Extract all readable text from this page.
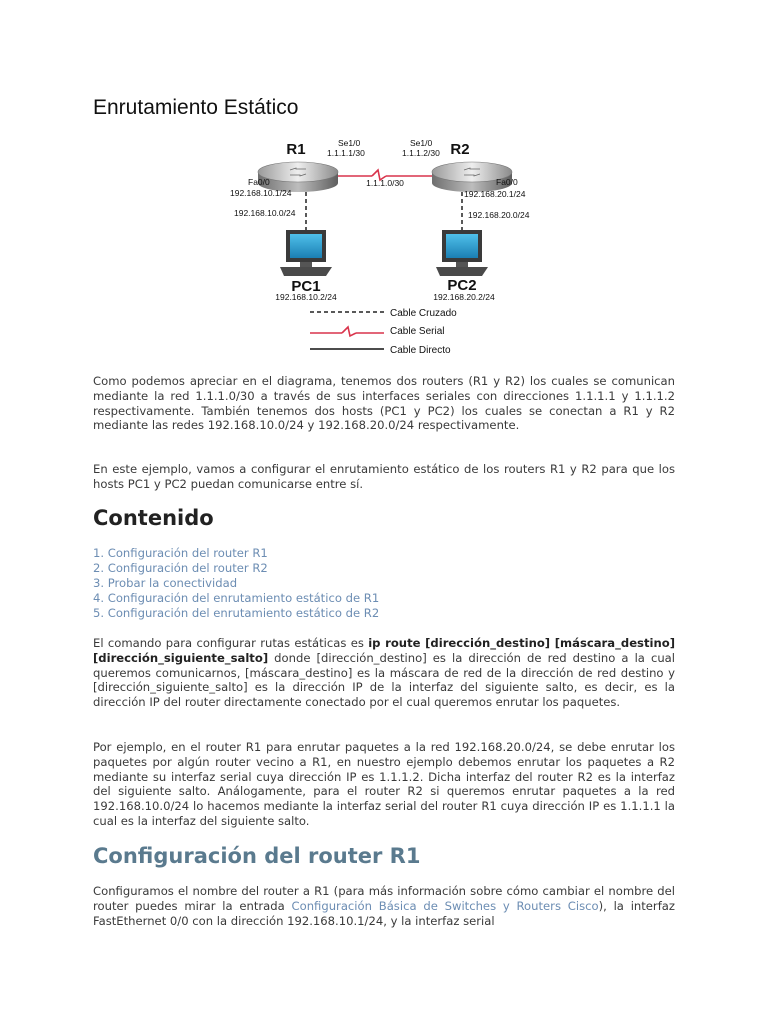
Enrutamiento Estático
R1	R2
Se1/0
1.1.1.1/30
Se1/0
1.1.1.2/30
1.1.1.0/30
Fa0/0
192.168.10.1/24
192.168.10.0/24
Fa0/0
192.168.20.1/24
192.168.20.0/24
PC1
192.168.10.2/24
PC2
192.168.20.2/24
Cable Cruzado
Cable Serial
Cable Directo

Como podemos apreciar en el diagrama, tenemos dos routers (R1 y R2) los cuales se comunican mediante la red 1.1.1.0/30 a través de sus interfaces seriales con direcciones 1.1.1.1 y 1.1.1.2 respectivamente. También tenemos dos hosts (PC1 y PC2) los cuales se conectan a R1 y R2 mediante las redes 192.168.10.0/24 y 192.168.20.0/24 respectivamente.

En este ejemplo, vamos a configurar el enrutamiento estático de los routers R1 y R2 para que los hosts PC1 y PC2 puedan comunicarse entre sí.

Contenido
1. Configuración del router R1
2. Configuración del router R2
3. Probar la conectividad
4. Configuración del enrutamiento estático de R1
5. Configuración del enrutamiento estático de R2

El comando para configurar rutas estáticas es ip route [dirección_destino] [máscara_destino] [dirección_siguiente_salto] donde [dirección_destino] es la dirección de red destino a la cual queremos comunicarnos, [máscara_destino] es la máscara de red de la dirección de red destino y [dirección_siguiente_salto] es la dirección IP de la interfaz del siguiente salto, es decir, es la dirección IP del router directamente conectado por el cual queremos enrutar los paquetes.

Por ejemplo, en el router R1 para enrutar paquetes a la red 192.168.20.0/24, se debe enrutar los paquetes por algún router vecino a R1, en nuestro ejemplo debemos enrutar los paquetes a R2 mediante su interfaz serial cuya dirección IP es 1.1.1.2. Dicha interfaz del router R2 es la interfaz del siguiente salto. Análogamente, para el router R2 si queremos enrutar paquetes a la red 192.168.10.0/24 lo hacemos mediante la interfaz serial del router R1 cuya dirección IP es 1.1.1.1 la cual es la interfaz del siguiente salto.

Configuración del router R1

Configuramos el nombre del router a R1 (para más información sobre cómo cambiar el nombre del router puedes mirar la entrada Configuración Básica de Switches y Routers Cisco), la interfaz FastEthernet 0/0 con la dirección 192.168.10.1/24, y la interfaz serial
